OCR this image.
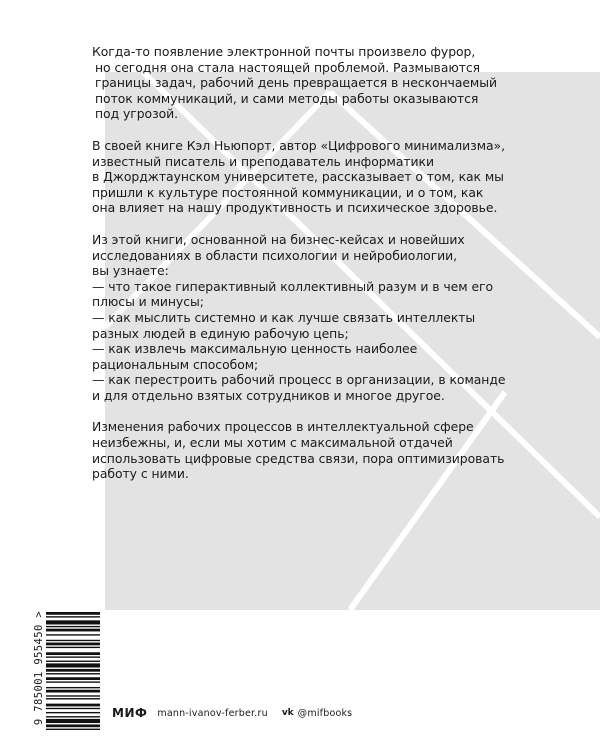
Когда-то появление электронной почты произвело фурор,
но сегодня она стала настоящей проблемой. Размываются
границы задач, рабочий день превращается в нескончаемый
поток коммуникаций, и сами методы работы оказываются
под угрозой.

В своей книге Кэл Ньюпорт, автор «Цифрового минимализма»,
известный писатель и преподаватель информатики
в Джорджтаунском университете, рассказывает о том, как мы
пришли к культуре постоянной коммуникации, и о том, как
она влияет на нашу продуктивность и психическое здоровье.

Из этой книги, основанной на бизнес-кейсах и новейших
исследованиях в области психологии и нейробиологии,
вы узнаете:

— что такое гиперактивный коллективный разум и в чем его
плюсы и минусы;
— как мыслить системно и как лучше связать интеллекты
разных людей в единую рабочую цепь;
— как извлечь максимальную ценность наиболее
рациональным способом;
— как перестроить рабочий процесс в организации, в команде
и для отдельно взятых сотрудников и многое другое.

Изменения рабочих процессов в интеллектуальной сфере
неизбежны, и, если мы хотим с максимальной отдачей
использовать цифровые средства связи, пора оптимизировать
работу с ними.

9 785001 955450 >	МИФ mann-ivanov-ferber.ru vk @mifbooks
